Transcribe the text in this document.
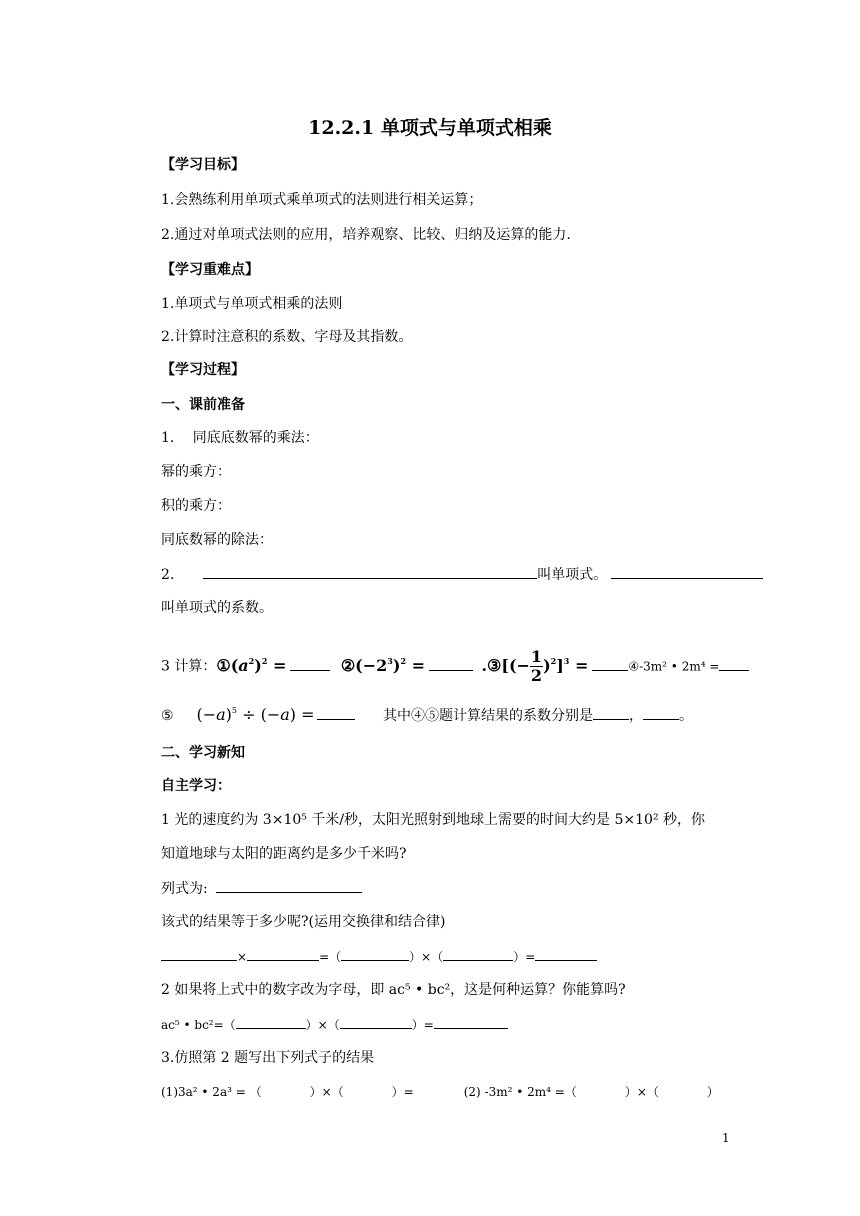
12.2.1 单项式与单项式相乘
【学习目标】
1.会熟练利用单项式乘单项式的法则进行相关运算；
2.通过对单项式法则的应用，培养观察、比较、归纳及运算的能力.
【学习重难点】
1.单项式与单项式相乘的法则
2.计算时注意积的系数、字母及其指数。
【学习过程】
一、课前准备
1.　 同底底数幂的乘法：
幂的乘方：
积的乘方：
同底数幂的除法：
2.	叫单项式。
叫单项式的系数。
3 计算：$①(a^2)^2$ =	$②(-2^3)^2$ =	.③[(− $\frac{1}{2} )^2]^3$ =	④-3m² • 2m⁴ =
⑤ $(-a)^5 \div (-a)$ =	其中④⑤题计算结果的系数分别是	，	。
二、学习新知
自主学习：
1 光的速度约为 3×10⁵ 千米/秒，太阳光照射到地球上需要的时间大约是 5×10² 秒，你
知道地球与太阳的距离约是多少千米吗?
列式为:
该式的结果等于多少呢?(运用交换律和结合律)
×	=（	）×（	）=
2 如果将上式中的数字改为字母，即 ac⁵ • bc²，这是何种运算？你能算吗?
ac⁵ • bc²=（	）×（	）=
3.仿照第 2 题写出下列式子的结果
(1)3a² • 2a³ = （	）×（	）=	(2) -3m² • 2m⁴ =（	）×（	）
1
